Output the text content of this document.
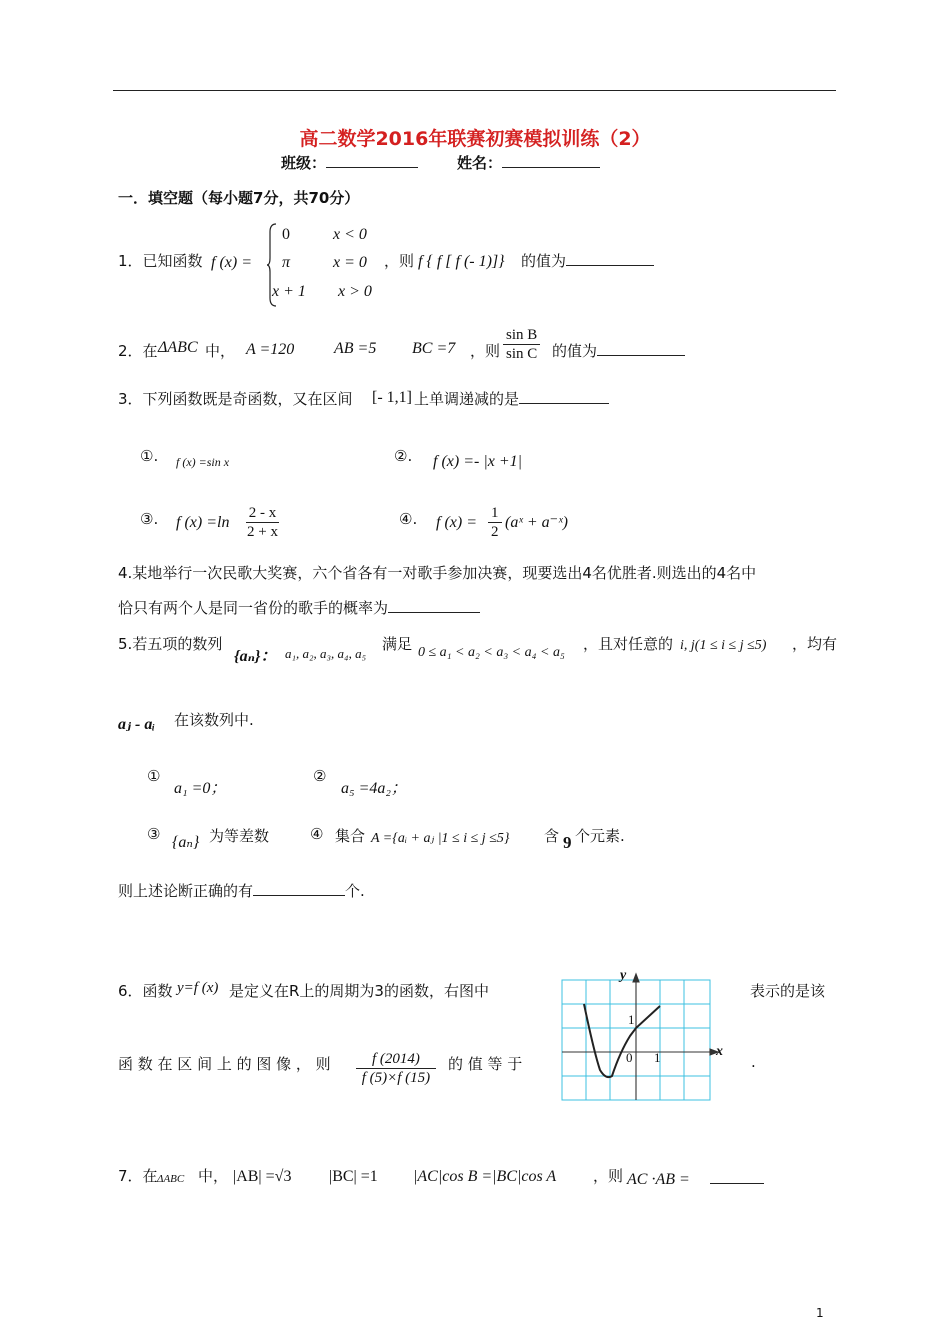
高二数学2016年联赛初赛模拟训练（2）
班级：	姓名：
一．填空题（每小题7分，共70分）
1．已知函数 f (x) =
0	x < 0
π	x = 0
x + 1 x > 0
，则 f { f [ f (- 1)]} 的值为
2．在 ΔABC 中， A =120 AB =5 BC =7 ，则 $\frac{\text{sin B}}{\text{sin C}}$ 的值为
3．下列函数既是奇函数，又在区间 [- 1,1] 上单调递减的是
①. f (x) =sin x	②. f (x) =- |x +1|
③. f $(x) =\ln \frac{2 - x}{2 + x}$	④. f $(x) = \frac{1}{2}$ (aˣ + a⁻ˣ)
4.某地举行一次民歌大奖赛，六个省各有一对歌手参加决赛，现要选出4名优胜者.则选出的4名中
恰只有两个人是同一省份的歌手的概率为
5.若五项的数列
{aₙ}： a₁, a₂, a₃, a₄, a₅
满足 0 ≤ a₁ < a₂ < a₃ < a₄ < a₅ ，且对任意的 i, j(1 ≤ i ≤ j ≤5) ，均有
aⱼ - aᵢ 在该数列中.
①
a₁ =0；
②
a₅ =4a₂；
③ {aₙ} 为等差数	④ 集合 A ={aᵢ + aⱼ |1 ≤ i ≤ j ≤5} 含 9 个元素.
则上述论断正确的有	个.
6．函数 y=f (x) 是定义在R上的周期为3的函数，右图中	表示的是该
函 数 在 区 间 上 的 图 像 ， 则 $\frac{f (2014)}{f (5)\times f (15)}$ 的 值 等 于	.
y
x
0 1
1
7．在 ΔABC 中， |AB| =√3 |BC| =1 |AC|cos B =|BC|cos A ，则 AC ·AB =
1
